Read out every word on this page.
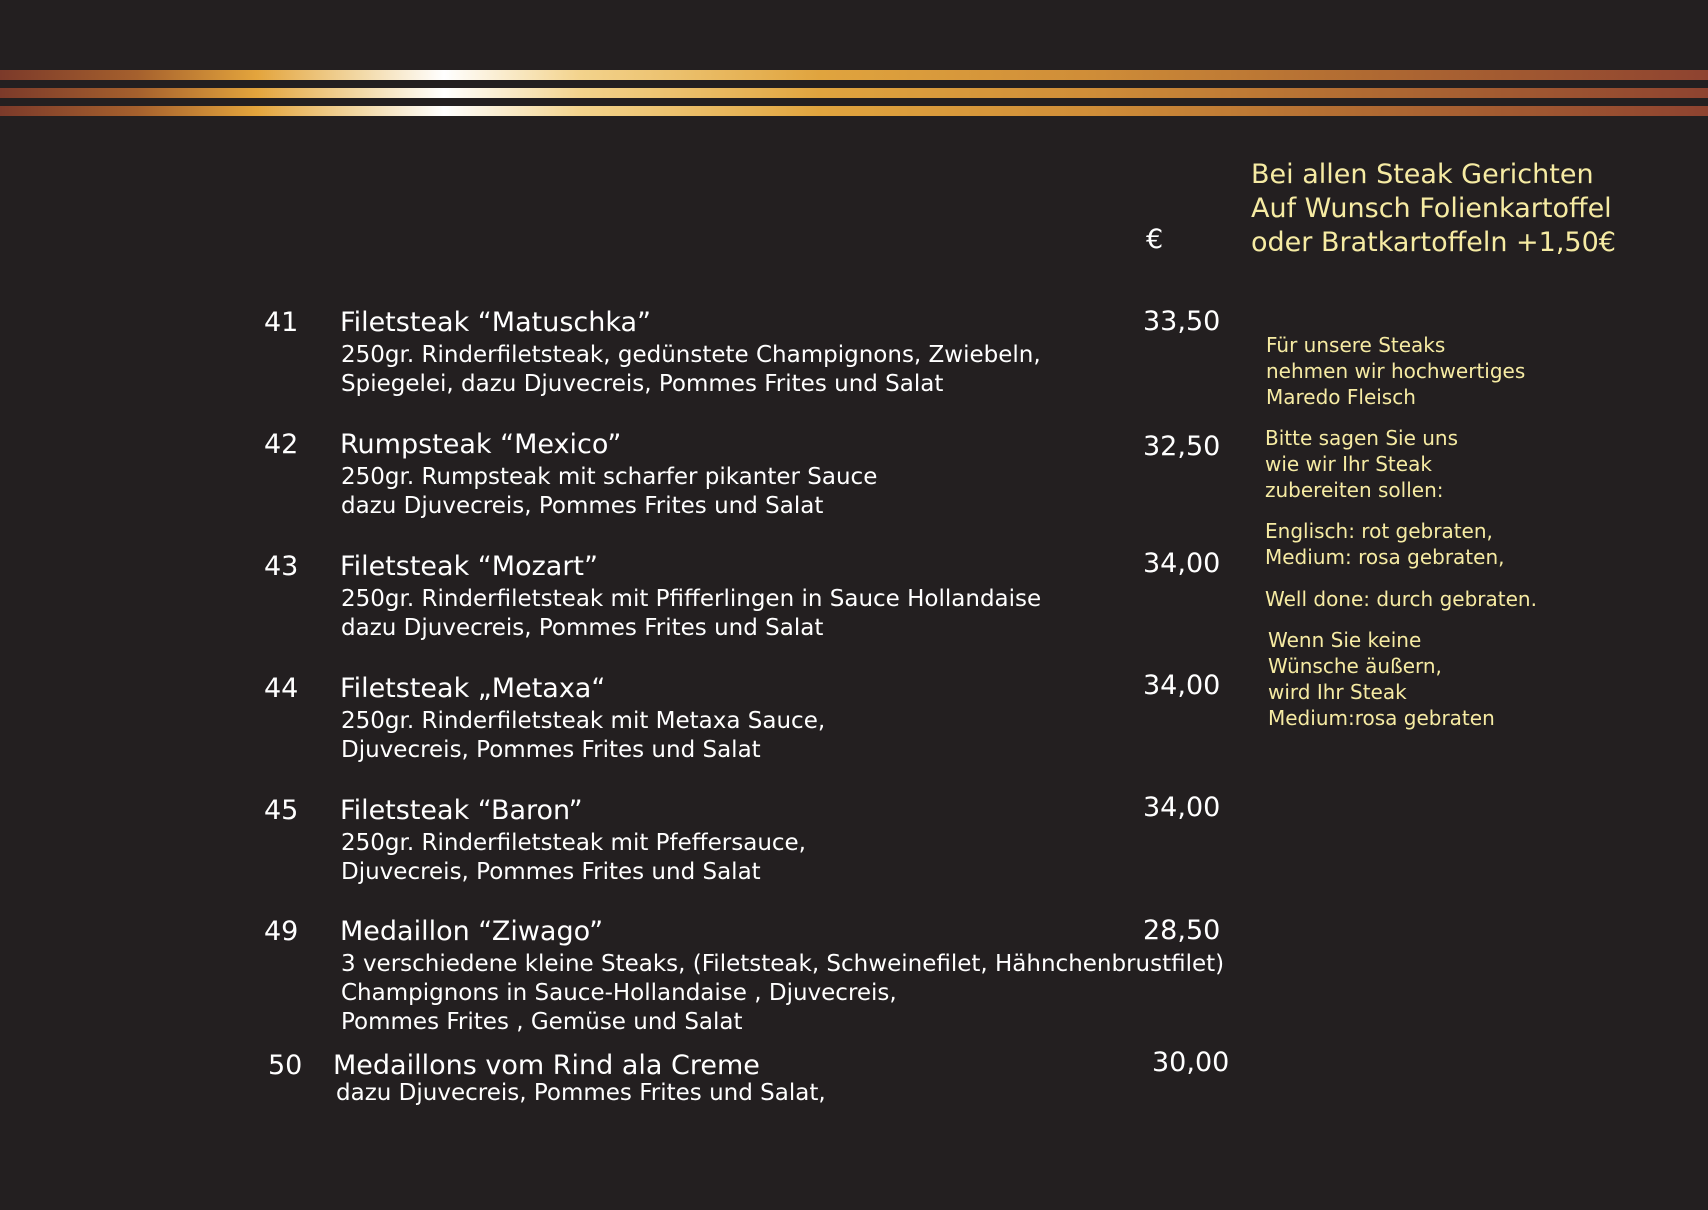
€
Bei allen Steak Gerichten
Auf Wunsch Folienkartoffel
oder Bratkartoffeln +1,50€
Für unsere Steaks
nehmen wir hochwertiges
Maredo Fleisch
Bitte sagen Sie uns
wie wir Ihr Steak
zubereiten sollen:
Englisch: rot gebraten,
Medium: rosa gebraten,
Well done: durch gebraten.
Wenn Sie keine
Wünsche äußern,
wird Ihr Steak
Medium:rosa gebraten
41 Filetsteak “Matuschka”
250gr. Rinderfiletsteak, gedünstete Champignons, Zwiebeln,
Spiegelei, dazu Djuvecreis, Pommes Frites und Salat
33,50
42 Rumpsteak “Mexico”
250gr. Rumpsteak mit scharfer pikanter Sauce
dazu Djuvecreis, Pommes Frites und Salat
32,50
43 Filetsteak “Mozart”
250gr. Rinderfiletsteak mit Pfifferlingen in Sauce Hollandaise
dazu Djuvecreis, Pommes Frites und Salat
34,00
44 Filetsteak „Metaxa“
250gr. Rinderfiletsteak mit Metaxa Sauce,
Djuvecreis, Pommes Frites und Salat
34,00
45 Filetsteak “Baron”
250gr. Rinderfiletsteak mit Pfeffersauce,
Djuvecreis, Pommes Frites und Salat
34,00
49 Medaillon “Ziwago”
3 verschiedene kleine Steaks, (Filetsteak, Schweinefilet, Hähnchenbrustfilet)
Champignons in Sauce-Hollandaise , Djuvecreis,
Pommes Frites , Gemüse und Salat
28,50
50 Medaillons vom Rind ala Creme
dazu Djuvecreis, Pommes Frites und Salat,
30,00
